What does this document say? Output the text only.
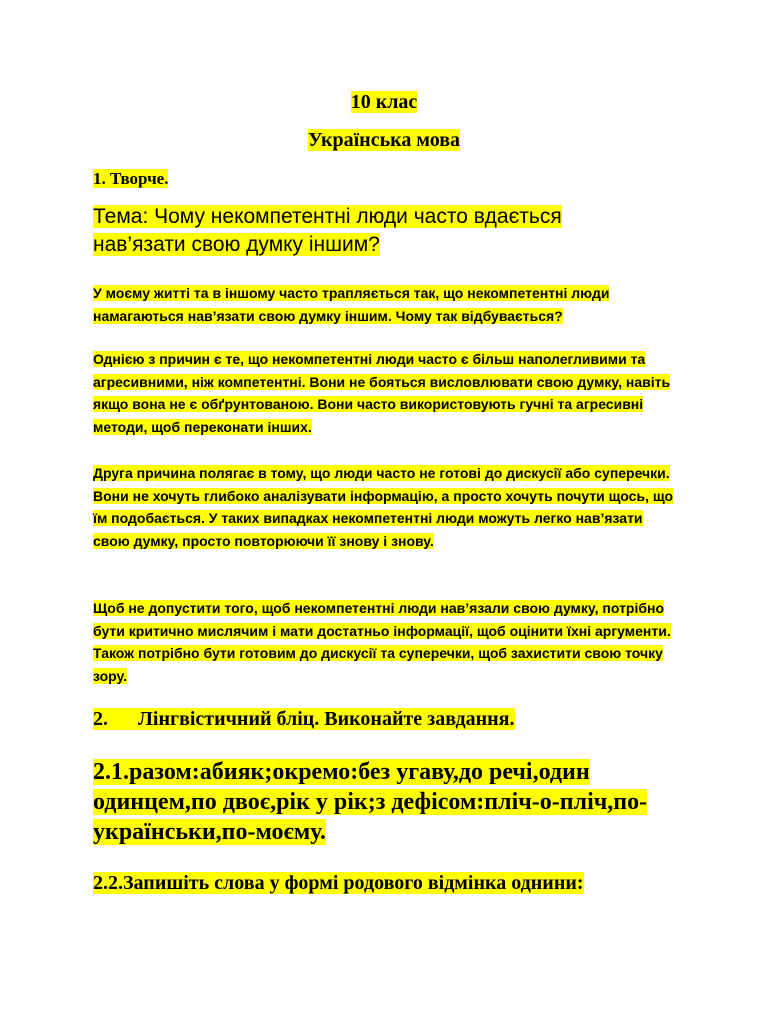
10 клас

Українська мова

1. Творче.

Тема: Чому некомпетентні люди часто вдається нав’язати свою думку іншим?

У моєму житті та в іншому часто трапляється так, що некомпетентні люди намагаються нав’язати свою думку іншим. Чому так відбувається?

Однією з причин є те, що некомпетентні люди часто є більш наполегливими та агресивними, ніж компетентні. Вони не бояться висловлювати свою думку, навіть якщо вона не є обґрунтованою. Вони часто використовують гучні та агресивні методи, щоб переконати інших.

Друга причина полягає в тому, що люди часто не готові до дискусії або суперечки. Вони не хочуть глибоко аналізувати інформацію, а просто хочуть почути щось, що їм подобається. У таких випадках некомпетентні люди можуть легко нав’язати свою думку, просто повторюючи її знову і знову.

Щоб не допустити того, щоб некомпетентні люди нав’язали свою думку, потрібно бути критично мислячим і мати достатньо інформації, щоб оцінити їхні аргументи. Також потрібно бути готовим до дискусії та суперечки, щоб захистити свою точку зору.

2. Лінгвістичний бліц. Виконайте завдання.

2.1.разом:абияк;окремо:без угаву,до речі,один одинцем,по двоє,рік у рік;з дефісом:пліч-о-пліч,по-українськи,по-моєму.

2.2.Запишіть слова у формі родового відмінка однини:
